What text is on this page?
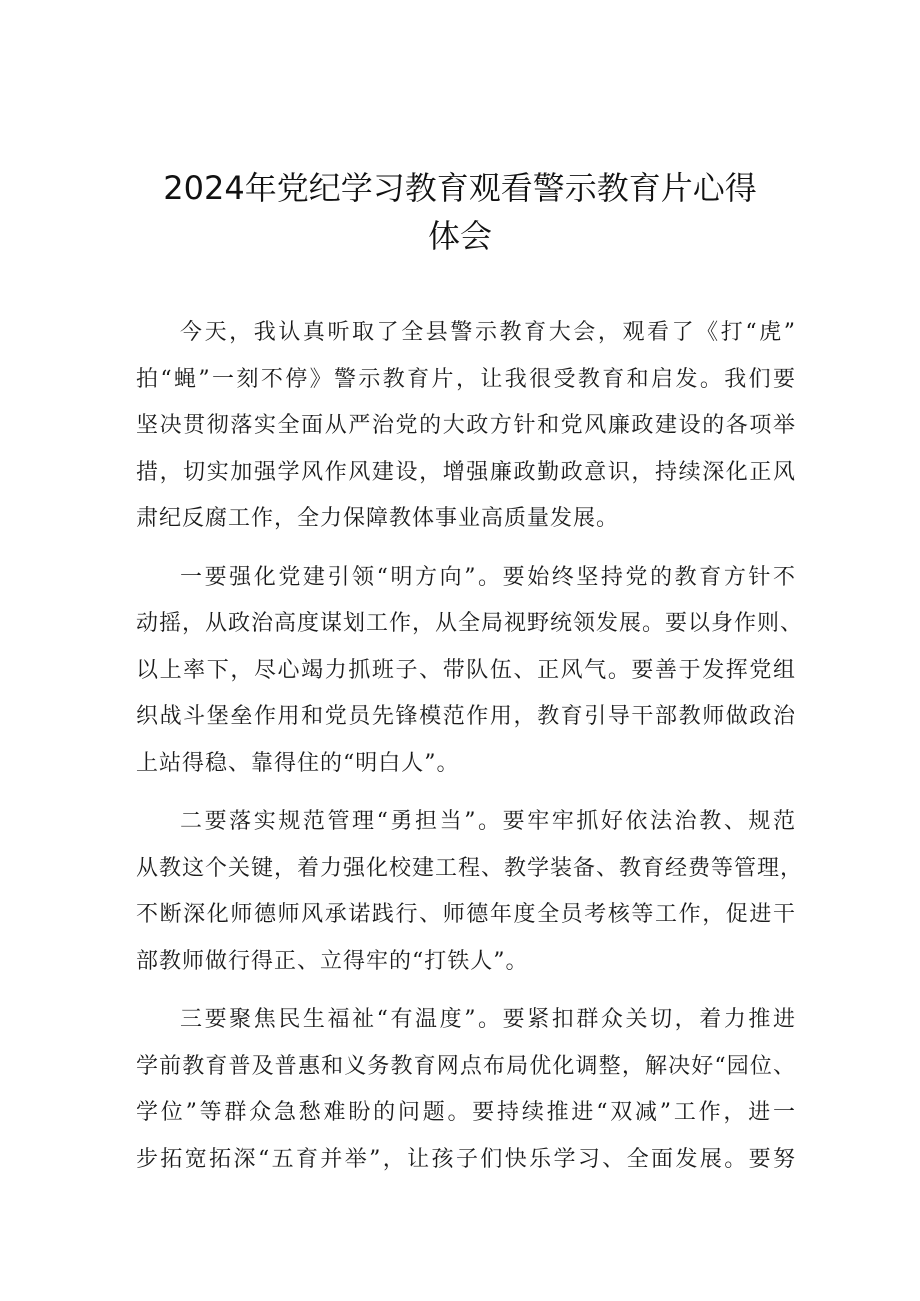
2024年党纪学习教育观看警示教育片心得
体会
今天，我认真听取了全县警示教育大会，观看了《打“虎”
拍“蝇”一刻不停》警示教育片，让我很受教育和启发。我们要
坚决贯彻落实全面从严治党的大政方针和党风廉政建设的各项举
措，切实加强学风作风建设，增强廉政勤政意识，持续深化正风
肃纪反腐工作，全力保障教体事业高质量发展。
一要强化党建引领“明方向”。要始终坚持党的教育方针不
动摇，从政治高度谋划工作，从全局视野统领发展。要以身作则、
以上率下，尽心竭力抓班子、带队伍、正风气。要善于发挥党组
织战斗堡垒作用和党员先锋模范作用，教育引导干部教师做政治
上站得稳、靠得住的“明白人”。
二要落实规范管理“勇担当”。要牢牢抓好依法治教、规范
从教这个关键，着力强化校建工程、教学装备、教育经费等管理，
不断深化师德师风承诺践行、师德年度全员考核等工作，促进干
部教师做行得正、立得牢的“打铁人”。
三要聚焦民生福祉“有温度”。要紧扣群众关切，着力推进
学前教育普及普惠和义务教育网点布局优化调整，解决好“园位、
学位”等群众急愁难盼的问题。要持续推进“双减”工作，进一
步拓宽拓深“五育并举”，让孩子们快乐学习、全面发展。要努
